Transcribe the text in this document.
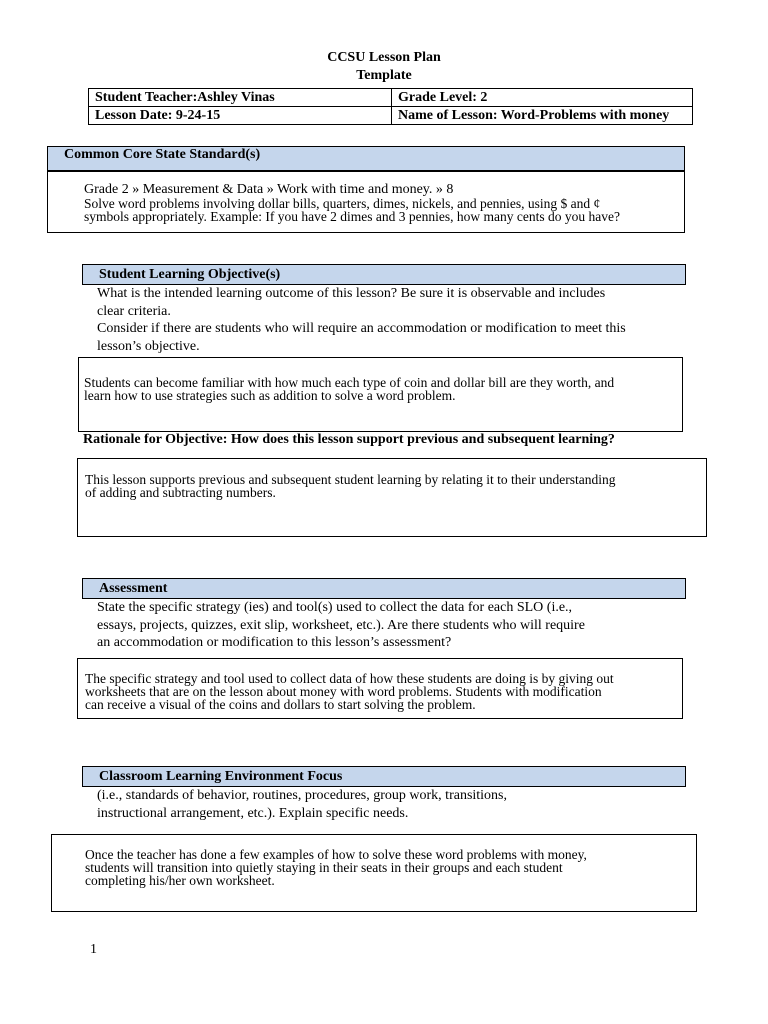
CCSU Lesson Plan
Template
Student Teacher:Ashley Vinas	Grade Level: 2
Lesson Date: 9-24-15	Name of Lesson: Word-Problems with money
Common Core State Standard(s)
Grade 2 » Measurement & Data » Work with time and money. » 8
Solve word problems involving dollar bills, quarters, dimes, nickels, and pennies, using $ and ¢
symbols appropriately. Example: If you have 2 dimes and 3 pennies, how many cents do you have?
Student Learning Objective(s)
What is the intended learning outcome of this lesson? Be sure it is observable and includes
clear criteria.
Consider if there are students who will require an accommodation or modification to meet this
lesson’s objective.
Students can become familiar with how much each type of coin and dollar bill are they worth, and
learn how to use strategies such as addition to solve a word problem.
Rationale for Objective: How does this lesson support previous and subsequent learning?
This lesson supports previous and subsequent student learning by relating it to their understanding
of adding and subtracting numbers.
Assessment
State the specific strategy (ies) and tool(s) used to collect the data for each SLO (i.e.,
essays, projects, quizzes, exit slip, worksheet, etc.). Are there students who will require
an accommodation or modification to this lesson’s assessment?
The specific strategy and tool used to collect data of how these students are doing is by giving out
worksheets that are on the lesson about money with word problems. Students with modification
can receive a visual of the coins and dollars to start solving the problem.
Classroom Learning Environment Focus
(i.e., standards of behavior, routines, procedures, group work, transitions,
instructional arrangement, etc.). Explain specific needs.
Once the teacher has done a few examples of how to solve these word problems with money,
students will transition into quietly staying in their seats in their groups and each student
completing his/her own worksheet.
1
